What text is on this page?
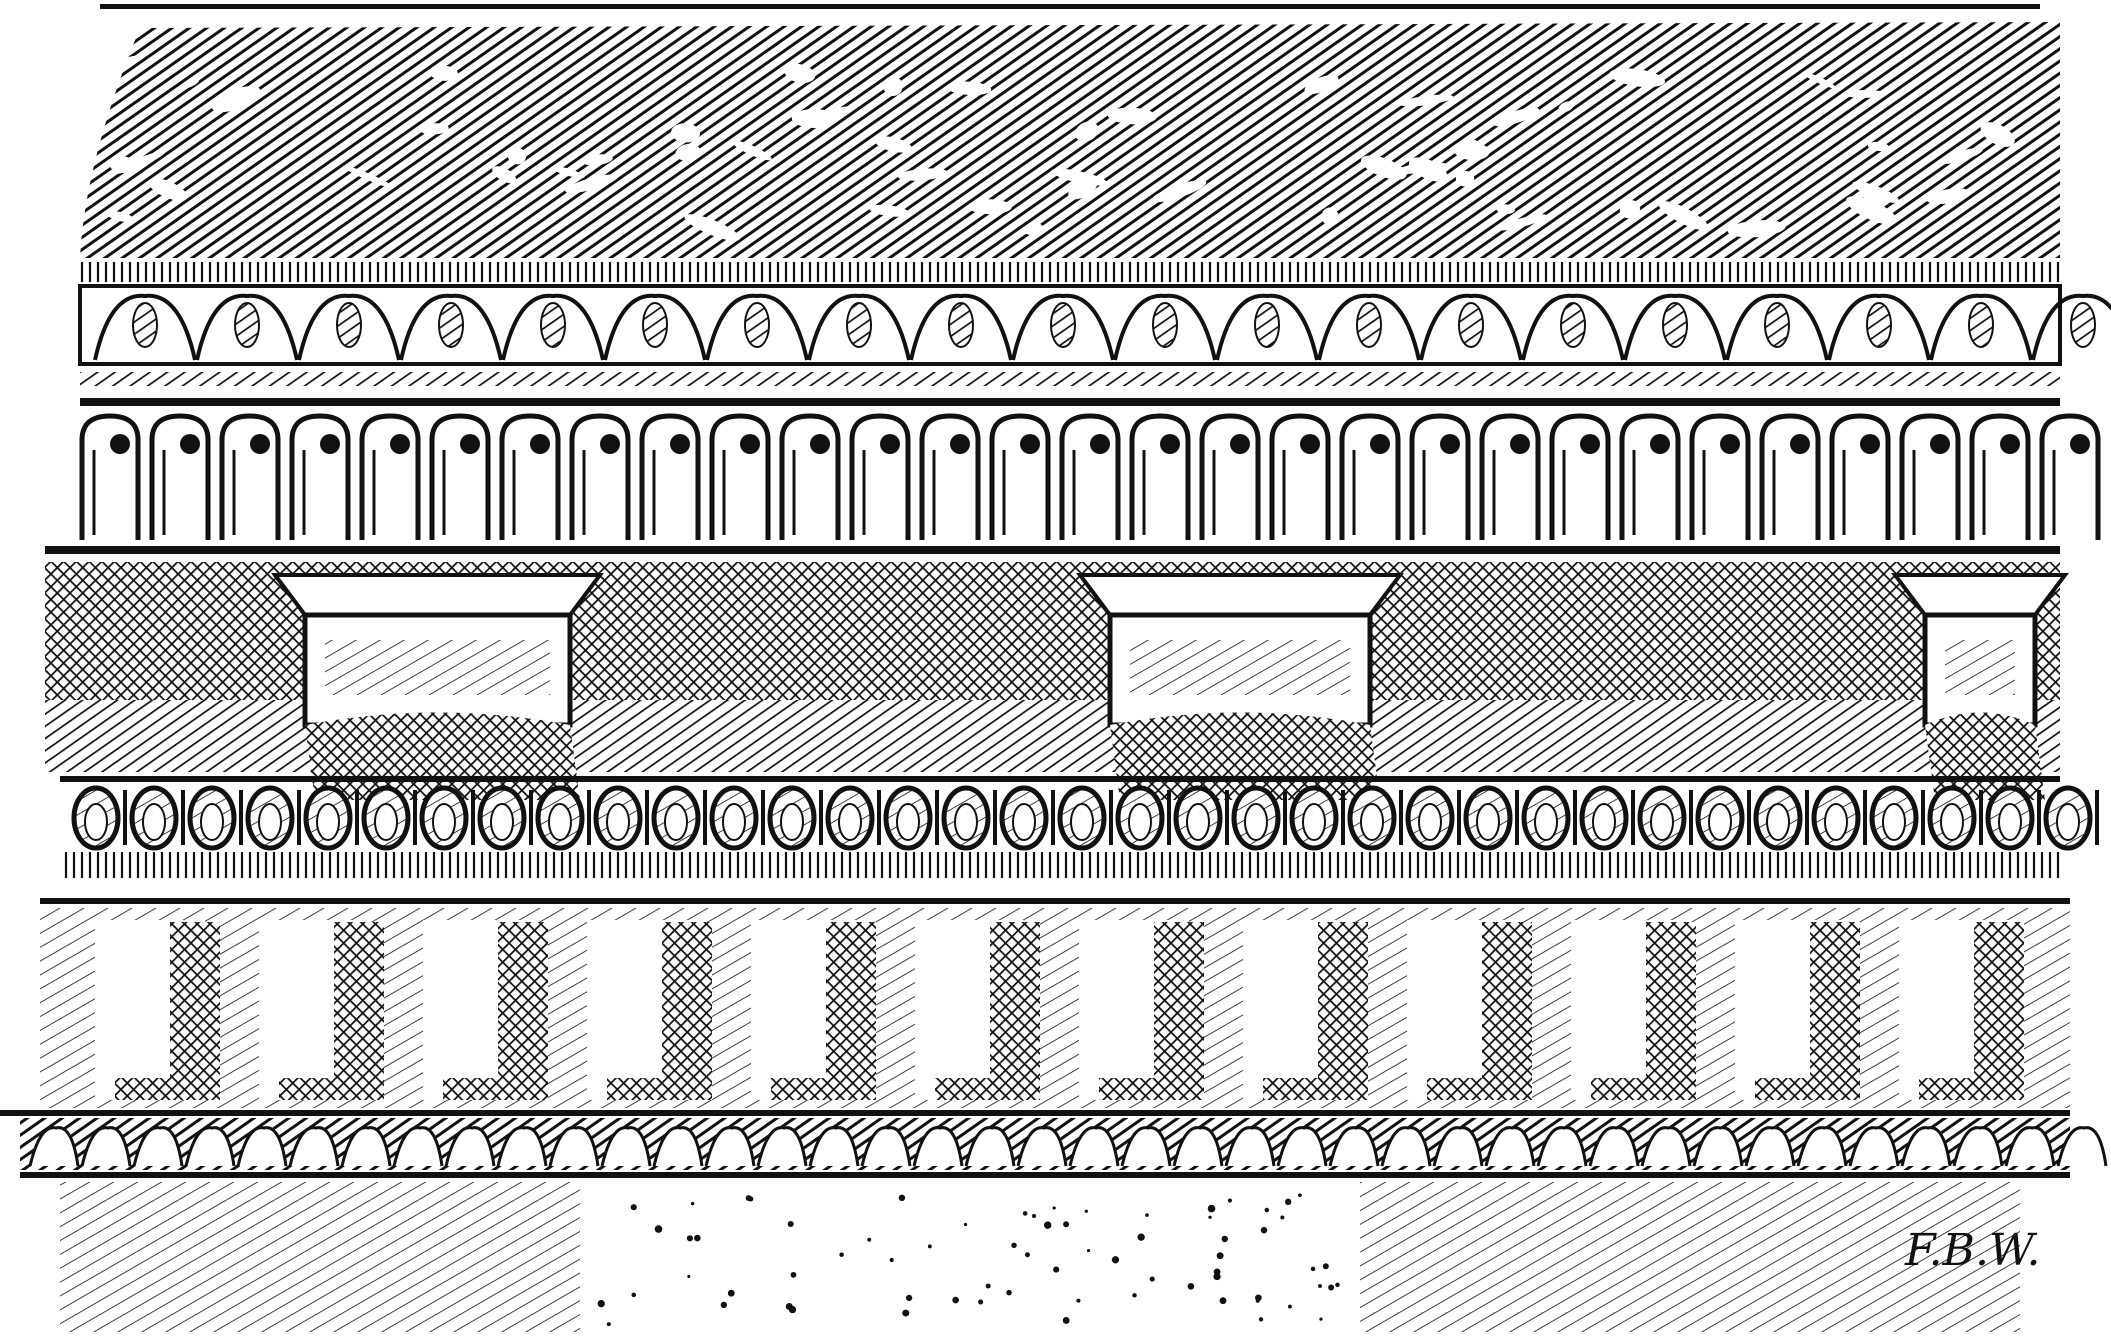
F.B.W.
